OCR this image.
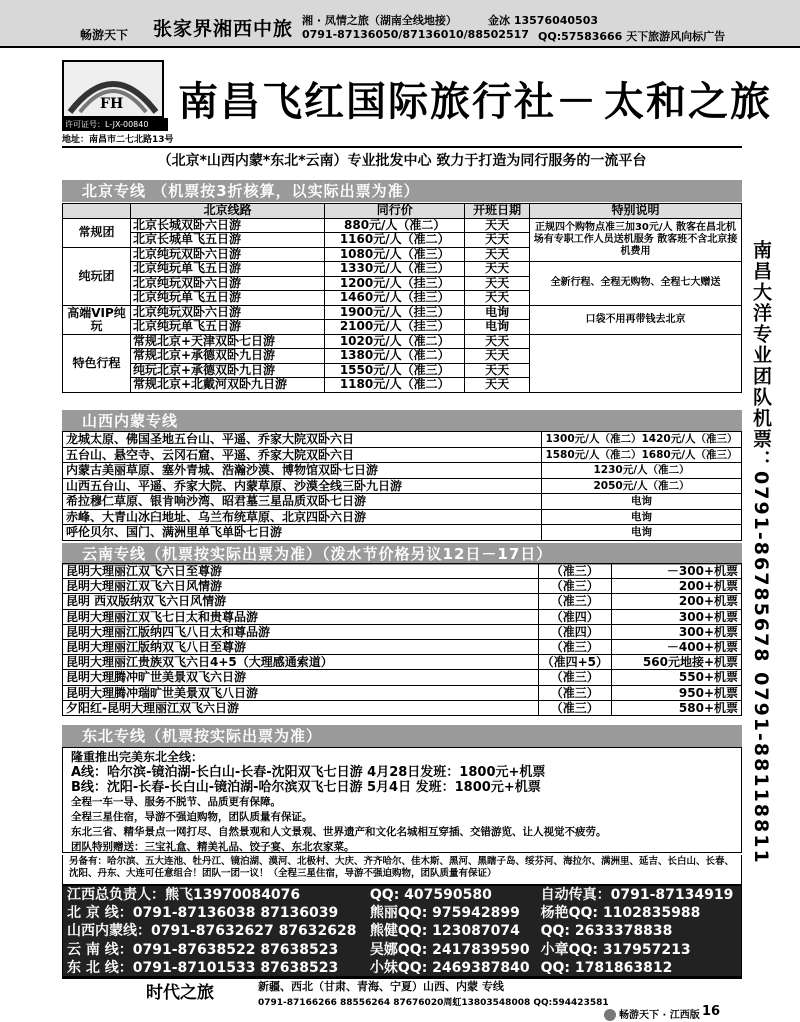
畅游天下 张家界湘西中旅 湘 · 凤情之旅（湖南全线地接）
0791-87136050/87136010/88502517
金冰 13576040503
QQ:57583666 天下旅游风向标广告
FH
许可证号：L-JX-00840
地址：南昌市二七北路13号
南昌飞红国际旅行社－ 太和之旅
（北京*山西内蒙*东北*云南）专业批发中心 致力于打造为同行服务的一流平台
北京专线 （机票按3折核算，以实际出票为准）
	北京线路	同行价	开班日期	特别说明
常规团	北京长城双卧六日游	880元/人（准二）	天天	正规四个购物点准三加30元/人 散客在昌北机场有专职工作人员送机服务 散客班不含北京接机费用
	北京长城单飞五日游	1160元/人（准二）	天天	
纯玩团	北京纯玩双卧六日游	1080元/人（准三）	天天	
	北京纯玩单飞五日游	1330元/人（准三）	天天	全新行程、全程无购物、全程七大赠送
	北京纯玩双卧六日游	1200元/人（挂三）	天天	
	北京纯玩单飞五日游	1460元/人（挂三）	天天	
高端VIP纯玩	北京纯玩双卧六日游	1900元/人（挂三）	电询	口袋不用再带钱去北京
	北京纯玩单飞五日游	2100元/人（挂三）	电询	
特色行程	常规北京+天津双卧七日游	1020元/人（准二）	天天	
	常规北京+承德双卧九日游	1380元/人（准二）	天天	
	纯玩北京+承德双卧九日游	1550元/人（准三）	天天	
	常规北京+北戴河双卧九日游	1180元/人（准二）	天天	
山西内蒙专线
龙城太原、佛国圣地五台山、平遥、乔家大院双卧六日	1300元/人（准二）1420元/人（准三）
五台山、悬空寺、云冈石窟、平遥、乔家大院双卧六日	1580元/人（准二）1680元/人（准三）
内蒙古美丽草原、塞外青城、浩瀚沙漠、博物馆双卧七日游	1230元/人（准二）
山西五台山、平遥、乔家大院、内蒙草原、沙漠全线三卧九日游	2050元/人（准二）
希拉穆仁草原、银肯响沙湾、昭君墓三星品质双卧七日游	电询
赤峰、大青山冰臼地址、乌兰布统草原、北京四卧六日游	电询
呼伦贝尔、国门、满洲里单飞单卧七日游	电询
云南专线（机票按实际出票为准）（泼水节价格另议12日－17日）
昆明大理丽江双飞六日至尊游	（准三）	－300+机票
昆明大理丽江双飞六日风情游	（准三）	200+机票
昆明 西双版纳双飞六日风情游	（准三）	200+机票
昆明大理丽江双飞七日太和贵尊品游	（准四）	300+机票
昆明大理丽江版纳四飞八日太和尊品游	（准四）	300+机票
昆明大理丽江版纳双飞八日至尊游	（准三）	－400+机票
昆明大理丽江贵族双飞六日4+5（大理感通索道）	（准四+5）	560元地接+机票
昆明大理腾冲旷世美景双飞六日游	（准三）	550+机票
昆明大理腾冲瑞旷世美景双飞八日游	（准三）	950+机票
夕阳红-昆明大理丽江双飞六日游	（准三）	580+机票
东北专线（机票按实际出票为准）
隆重推出完美东北全线：
A线：哈尔滨-镜泊湖-长白山-长春-沈阳双飞七日游 4月28日发班：1800元+机票
B线：沈阳-长春-长白山-镜泊湖-哈尔滨双飞七日游 5月4日 发班：1800元+机票
全程一车一导、服务不脱节、品质更有保障。
全程三星住宿，导游不强迫购物，团队质量有保证。
东北三省、精华景点一网打尽、自然景观和人文景观、世界遗产和文化名城相互穿插、交错游览、让人视觉不疲劳。
团队特别赠送：三宝礼盒、精美礼品、饺子宴、东北农家菜。
另备有：哈尔滨、五大连池、牡丹江、镜泊湖、漠河、北极村、大庆、齐齐哈尔、佳木斯、黑河、黑瞎子岛、绥芬河、海拉尔、满洲里、延吉、长白山、长春、沈阳、丹东、大连可任意组合！团队一团一议！（全程三星住宿，导游不强迫购物，团队质量有保证）
江西总负责人：熊飞13970084076	QQ: 407590580	自动传真：0791-87134919
北 京 线：0791-87136038 87136039	熊丽QQ: 975942899	杨艳QQ: 1102835988
山西内蒙线：0791-87632627 87632628	熊健QQ: 123087074	QQ: 2633378838
云 南 线：0791-87638522 87638523	吴娜QQ: 2417839590	小章QQ: 317957213
东 北 线：0791-87101533 87638523	小妹QQ: 2469387840	QQ: 1781863812
时代之旅	新疆、西北（甘肃、青海、宁夏）山西、内蒙 专线
0791-87166266 88556264 87676020周虹13803548008 QQ:594423581
畅游天下 · 江西版 16
南昌大洋专业团队机票：0791-86785678 0791-88118811
